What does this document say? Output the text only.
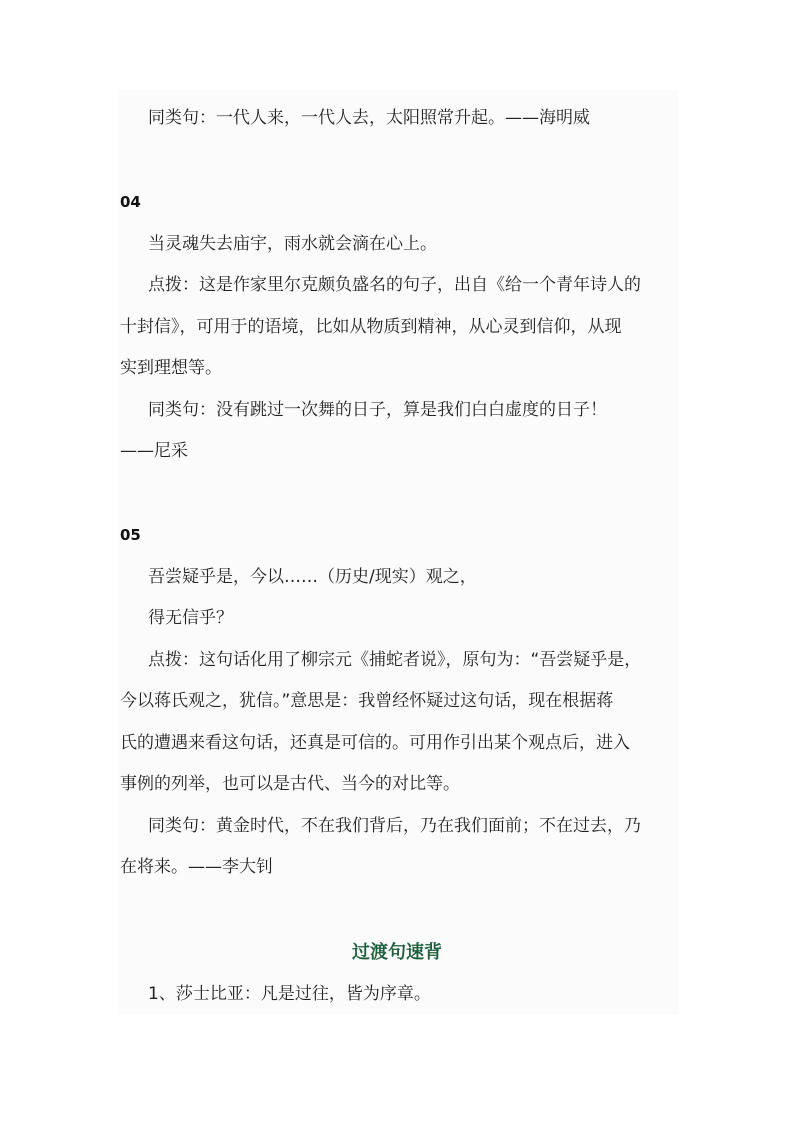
同类句：一代人来，一代人去，太阳照常升起。——海明威
04
当灵魂失去庙宇，雨水就会滴在心上。
点拨：这是作家里尔克颇负盛名的句子，出自《给一个青年诗人的
十封信》，可用于的语境，比如从物质到精神，从心灵到信仰，从现
实到理想等。
同类句：没有跳过一次舞的日子，算是我们白白虚度的日子！
——尼采
05
吾尝疑乎是，今以……（历史/现实）观之，
得无信乎？
点拨：这句话化用了柳宗元《捕蛇者说》，原句为：“吾尝疑乎是，
今以蒋氏观之，犹信。”意思是：我曾经怀疑过这句话，现在根据蒋
氏的遭遇来看这句话，还真是可信的。可用作引出某个观点后，进入
事例的列举，也可以是古代、当今的对比等。
同类句：黄金时代，不在我们背后，乃在我们面前；不在过去，乃
在将来。——李大钊
过渡句速背
1、莎士比亚：凡是过往，皆为序章。
